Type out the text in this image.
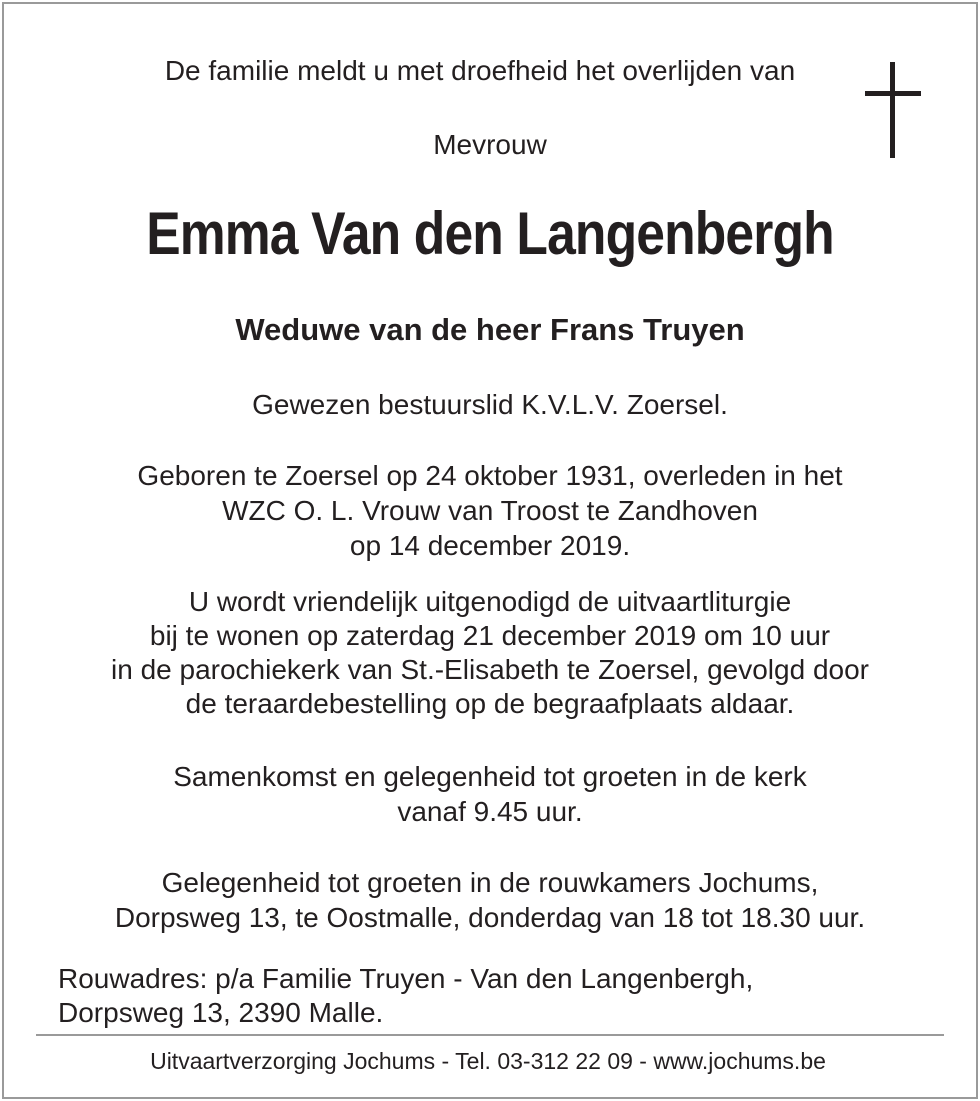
De familie meldt u met droefheid het overlijden van
Mevrouw
Emma Van den Langenbergh
Weduwe van de heer Frans Truyen
Gewezen bestuurslid K.V.L.V. Zoersel.
Geboren te Zoersel op 24 oktober 1931, overleden in het
WZC O. L. Vrouw van Troost te Zandhoven
op 14 december 2019.
U wordt vriendelijk uitgenodigd de uitvaartliturgie
bij te wonen op zaterdag 21 december 2019 om 10 uur
in de parochiekerk van St.-Elisabeth te Zoersel, gevolgd door
de teraardebestelling op de begraafplaats aldaar.
Samenkomst en gelegenheid tot groeten in de kerk
vanaf 9.45 uur.
Gelegenheid tot groeten in de rouwkamers Jochums,
Dorpsweg 13, te Oostmalle, donderdag van 18 tot 18.30 uur.
Rouwadres: p/a Familie Truyen - Van den Langenbergh,
Dorpsweg 13, 2390 Malle.
Uitvaartverzorging Jochums - Tel. 03-312 22 09 - www.jochums.be
